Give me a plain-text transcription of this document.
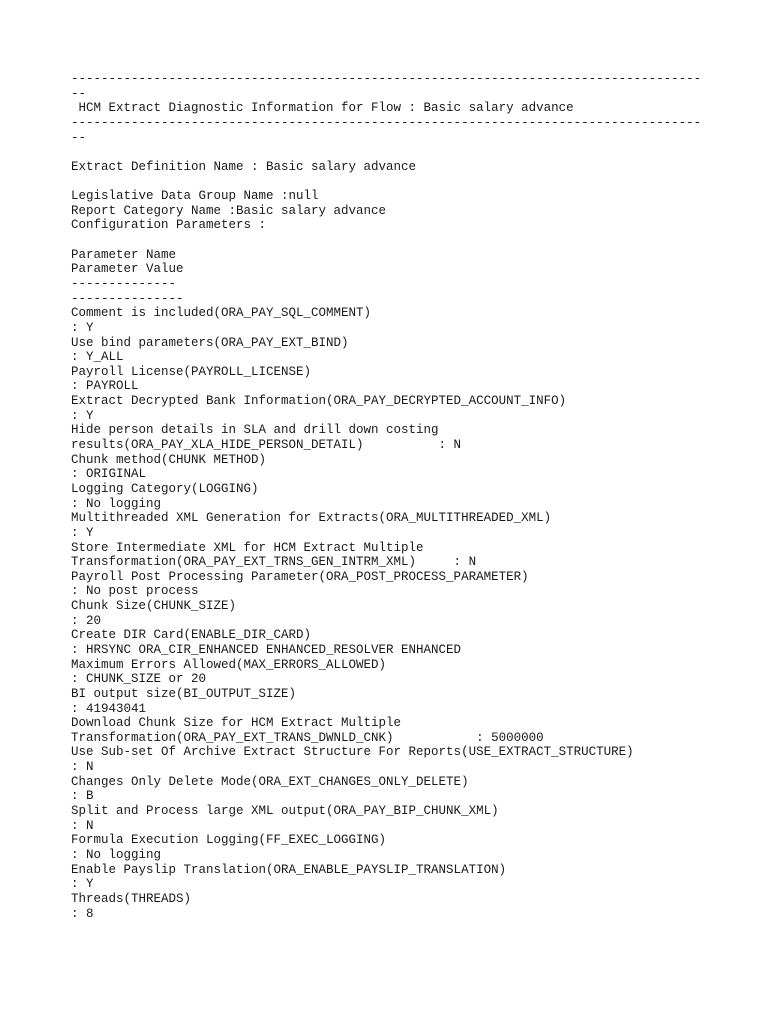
------------------------------------------------------------------------------------
--
HCM Extract Diagnostic Information for Flow : Basic salary advance
------------------------------------------------------------------------------------
--
Extract Definition Name : Basic salary advance
Legislative Data Group Name :null
Report Category Name :Basic salary advance
Configuration Parameters :
Parameter Name
Parameter Value
--------------
---------------
Comment is included(ORA_PAY_SQL_COMMENT)
: Y
Use bind parameters(ORA_PAY_EXT_BIND)
: Y_ALL
Payroll License(PAYROLL_LICENSE)
: PAYROLL
Extract Decrypted Bank Information(ORA_PAY_DECRYPTED_ACCOUNT_INFO)
: Y
Hide person details in SLA and drill down costing
results(ORA_PAY_XLA_HIDE_PERSON_DETAIL)          : N
Chunk method(CHUNK METHOD)
: ORIGINAL
Logging Category(LOGGING)
: No logging
Multithreaded XML Generation for Extracts(ORA_MULTITHREADED_XML)
: Y
Store Intermediate XML for HCM Extract Multiple
Transformation(ORA_PAY_EXT_TRNS_GEN_INTRM_XML)     : N
Payroll Post Processing Parameter(ORA_POST_PROCESS_PARAMETER)
: No post process
Chunk Size(CHUNK_SIZE)
: 20
Create DIR Card(ENABLE_DIR_CARD)
: HRSYNC ORA_CIR_ENHANCED ENHANCED_RESOLVER ENHANCED
Maximum Errors Allowed(MAX_ERRORS_ALLOWED)
: CHUNK_SIZE or 20
BI output size(BI_OUTPUT_SIZE)
: 41943041
Download Chunk Size for HCM Extract Multiple
Transformation(ORA_PAY_EXT_TRANS_DWNLD_CNK)           : 5000000
Use Sub-set Of Archive Extract Structure For Reports(USE_EXTRACT_STRUCTURE)
: N
Changes Only Delete Mode(ORA_EXT_CHANGES_ONLY_DELETE)
: B
Split and Process large XML output(ORA_PAY_BIP_CHUNK_XML)
: N
Formula Execution Logging(FF_EXEC_LOGGING)
: No logging
Enable Payslip Translation(ORA_ENABLE_PAYSLIP_TRANSLATION)
: Y
Threads(THREADS)
: 8
